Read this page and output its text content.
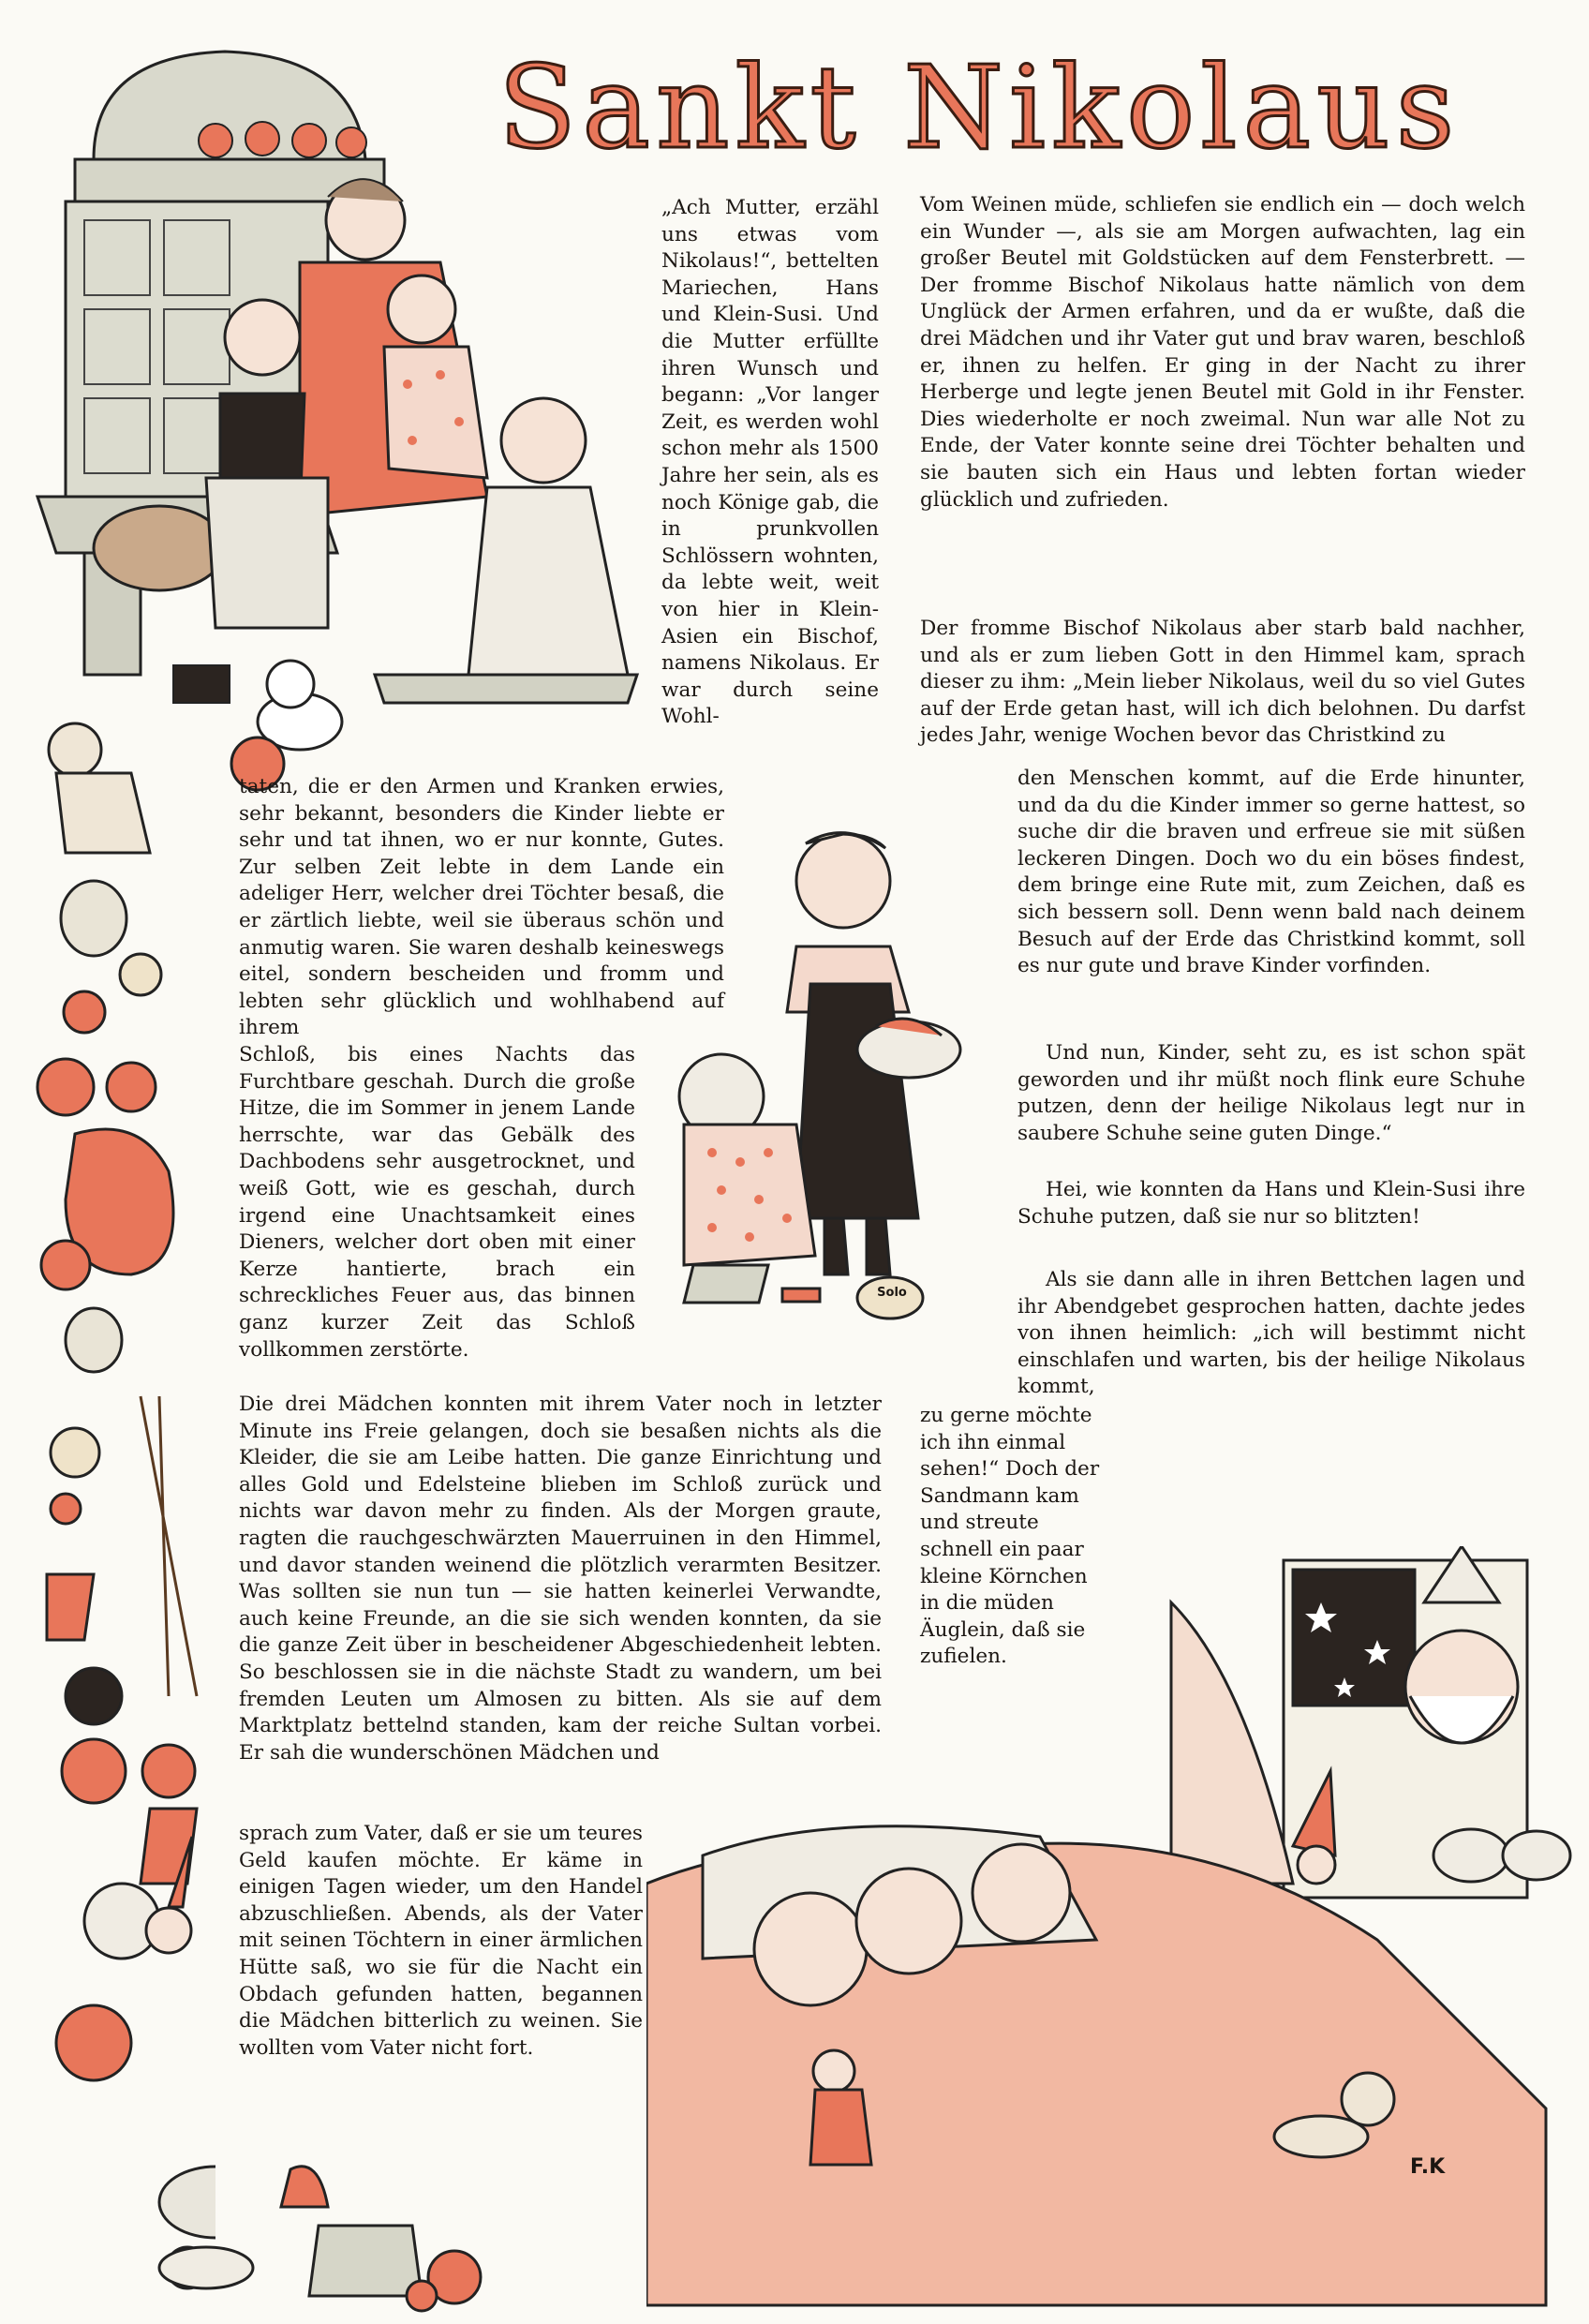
Sankt Nikolaus
Solo
F.K
„Ach Mutter, erzähl uns etwas vom Nikolaus!“, bettelten Mariechen, Hans und Klein-Susi. Und die Mutter erfüllte ihren Wunsch und begann: „Vor langer Zeit, es werden wohl schon mehr als 1500 Jahre her sein, als es noch Könige gab, die in prunkvollen Schlössern wohnten, da lebte weit, weit von hier in Klein-Asien ein Bischof, namens Nikolaus. Er war durch seine Wohl-
taten, die er den Armen und Kranken erwies, sehr bekannt, besonders die Kinder liebte er sehr und tat ihnen, wo er nur konnte, Gutes. Zur selben Zeit lebte in dem Lande ein adeliger Herr, welcher drei Töchter besaß, die er zärtlich liebte, weil sie überaus schön und anmutig waren. Sie waren deshalb keineswegs eitel, sondern bescheiden und fromm und lebten sehr glücklich und wohlhabend auf ihrem
Schloß, bis eines Nachts das Furchtbare geschah. Durch die große Hitze, die im Sommer in jenem Lande herrschte, war das Gebälk des Dachbodens sehr ausgetrocknet, und weiß Gott, wie es geschah, durch irgend eine Unachtsamkeit eines Dieners, welcher dort oben mit einer Kerze hantierte, brach ein schreckliches Feuer aus, das binnen ganz kurzer Zeit das Schloß vollkommen zerstörte.
Die drei Mädchen konnten mit ihrem Vater noch in letzter Minute ins Freie gelangen, doch sie besaßen nichts als die Kleider, die sie am Leibe hatten. Die ganze Einrichtung und alles Gold und Edelsteine blieben im Schloß zurück und nichts war davon mehr zu finden. Als der Morgen graute, ragten die rauchgeschwärzten Mauerruinen in den Himmel, und davor standen weinend die plötzlich verarmten Besitzer. Was sollten sie nun tun — sie hatten keinerlei Verwandte, auch keine Freunde, an die sie sich wenden konnten, da sie die ganze Zeit über in bescheidener Abgeschiedenheit lebten. So beschlossen sie in die nächste Stadt zu wandern, um bei fremden Leuten um Almosen zu bitten. Als sie auf dem Marktplatz bettelnd standen, kam der reiche Sultan vorbei. Er sah die wunderschönen Mädchen und
sprach zum Vater, daß er sie um teures Geld kaufen möchte. Er käme in einigen Tagen wieder, um den Handel abzuschließen. Abends, als der Vater mit seinen Töchtern in einer ärmlichen Hütte saß, wo sie für die Nacht ein Obdach gefunden hatten, begannen die Mädchen bitterlich zu weinen. Sie wollten vom Vater nicht fort.
Vom Weinen müde, schliefen sie endlich ein — doch welch ein Wunder —, als sie am Morgen aufwachten, lag ein großer Beutel mit Goldstücken auf dem Fensterbrett. — Der fromme Bischof Nikolaus hatte nämlich von dem Unglück der Armen erfahren, und da er wußte, daß die drei Mädchen und ihr Vater gut und brav waren, beschloß er, ihnen zu helfen. Er ging in der Nacht zu ihrer Herberge und legte jenen Beutel mit Gold in ihr Fenster. Dies wiederholte er noch zweimal. Nun war alle Not zu Ende, der Vater konnte seine drei Töchter behalten und sie bauten sich ein Haus und lebten fortan wieder glücklich und zufrieden.
Der fromme Bischof Nikolaus aber starb bald nachher, und als er zum lieben Gott in den Himmel kam, sprach dieser zu ihm: „Mein lieber Nikolaus, weil du so viel Gutes auf der Erde getan hast, will ich dich belohnen. Du darfst jedes Jahr, wenige Wochen bevor das Christkind zu
den Menschen kommt, auf die Erde hinunter, und da du die Kinder immer so gerne hattest, so suche dir die braven und erfreue sie mit süßen leckeren Dingen. Doch wo du ein böses findest, dem bringe eine Rute mit, zum Zeichen, daß es sich bessern soll. Denn wenn bald nach deinem Besuch auf der Erde das Christkind kommt, soll es nur gute und brave Kinder vorfinden.
Und nun, Kinder, seht zu, es ist schon spät geworden und ihr müßt noch flink eure Schuhe putzen, denn der heilige Nikolaus legt nur in saubere Schuhe seine guten Dinge.“
Hei, wie konnten da Hans und Klein-Susi ihre Schuhe putzen, daß sie nur so blitzten!
Als sie dann alle in ihren Bettchen lagen und ihr Abendgebet gesprochen hatten, dachte jedes von ihnen heimlich: „ich will bestimmt nicht einschlafen und warten, bis der heilige Nikolaus kommt,
zu gerne möchte ich ihn einmal sehen!“ Doch der Sandmann kam und streute schnell ein paar kleine Körnchen in die müden Äuglein, daß sie zufielen.
